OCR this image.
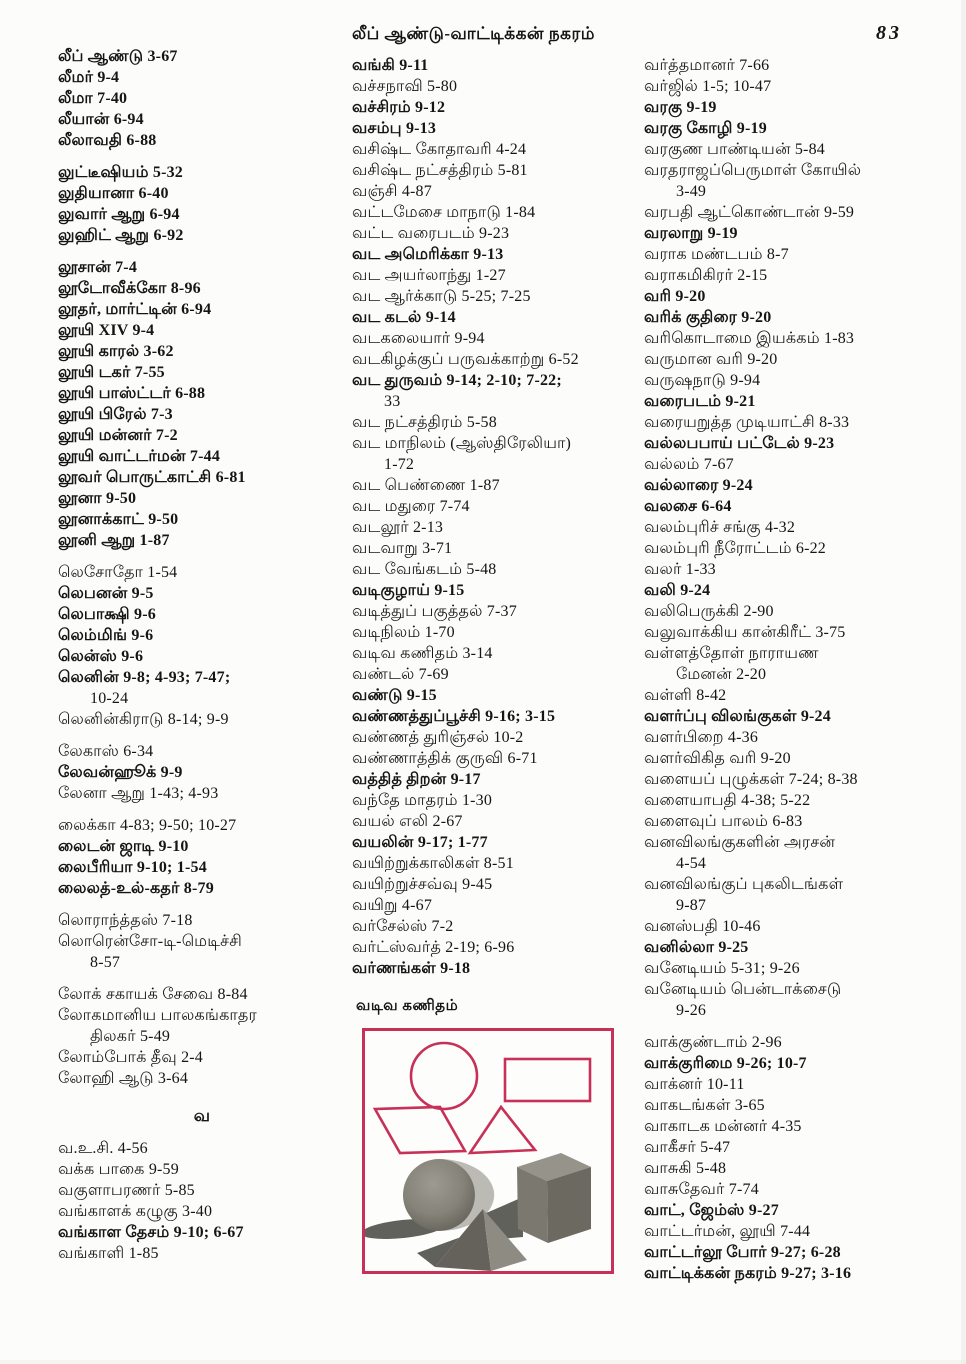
லீப் ஆண்டு-வாட்டிக்கன் நகரம்	83
லீப் ஆண்டு 3-67
லீமர் 9-4
லீமா 7-40
லீயான் 6-94
லீலாவதி 6-88
லுட்டீஷியம் 5-32
லுதியானா 6-40
லுவார் ஆறு 6-94
லுஹிட் ஆறு 6-92
லூசான் 7-4
லூடோவீக்கோ 8-96
லூதர், மார்ட்டின் 6-94
லூயி XIV 9-4
லூயி காரல் 3-62
லூயி டகர் 7-55
லூயி பாஸ்ட்டர் 6-88
லூயி பிரேல் 7-3
லூயி மன்னர் 7-2
லூயி வாட்டர்மன் 7-44
லூவர் பொருட்காட்சி 6-81
லூனா 9-50
லூனாக்காட் 9-50
லூனி ஆறு 1-87
லெசோதோ 1-54
லெபனன் 9-5
லெபாக்ஷி 9-6
லெம்மிங் 9-6
லென்ஸ் 9-6
லெனின் 9-8; 4-93; 7-47;
10-24
லெனின்கிராடு 8-14; 9-9
லேகாஸ் 6-34
லேவன்ஹூக் 9-9
லேனா ஆறு 1-43; 4-93
லைக்கா 4-83; 9-50; 10-27
லைடன் ஜாடி 9-10
லைபீரியா 9-10; 1-54
லைலத்-உல்-கதர் 8-79
லொராந்த்தஸ் 7-18
லொரென்சோ-டி-மெடிச்சி
8-57
லோக் சகாயக் சேவை 8-84
லோகமானிய பாலகங்காதர
திலகர் 5-49
லோம்போக் தீவு 2-4
லோஹி ஆடு 3-64
வ
வ.உ.சி. 4-56
வக்க பாகை 9-59
வகுளாபரணர் 5-85
வங்காளக் கழுகு 3-40
வங்காள தேசம் 9-10; 6-67
வங்காளி 1-85
வங்கி 9-11
வச்சநாவி 5-80
வச்சிரம் 9-12
வசம்பு 9-13
வசிஷ்ட கோதாவரி 4-24
வசிஷ்ட நட்சத்திரம் 5-81
வஞ்சி 4-87
வட்டமேசை மாநாடு 1-84
வட்ட வரைபடம் 9-23
வட அமெரிக்கா 9-13
வட அயர்லாந்து 1-27
வட ஆர்க்காடு 5-25; 7-25
வட கடல் 9-14
வடகலையார் 9-94
வடகிழக்குப் பருவக்காற்று 6-52
வட துருவம் 9-14; 2-10; 7-22;
33
வட நட்சத்திரம் 5-58
வட மாநிலம் (ஆஸ்திரேலியா)
1-72
வட பெண்ணை 1-87
வட மதுரை 7-74
வடலூர் 2-13
வடவாறு 3-71
வட வேங்கடம் 5-48
வடிகுழாய் 9-15
வடித்துப் பகுத்தல் 7-37
வடிநிலம் 1-70
வடிவ கணிதம் 3-14
வண்டல் 7-69
வண்டு 9-15
வண்ணத்துப்பூச்சி 9-16; 3-15
வண்ணத் துரிஞ்சல் 10-2
வண்ணாத்திக் குருவி 6-71
வத்தித் திறன் 9-17
வந்தே மாதரம் 1-30
வயல் எலி 2-67
வயலின் 9-17; 1-77
வயிற்றுக்காலிகள் 8-51
வயிற்றுச்சவ்வு 9-45
வயிறு 4-67
வர்சேல்ஸ் 7-2
வர்ட்ஸ்வர்த் 2-19; 6-96
வர்ணங்கள் 9-18
வர்த்தமானர் 7-66
வர்ஜில் 1-5; 10-47
வரகு 9-19
வரகு கோழி 9-19
வரகுண பாண்டியன் 5-84
வரதராஜப்பெருமாள் கோயில்
3-49
வரபதி ஆட்கொண்டான் 9-59
வரலாறு 9-19
வராக மண்டபம் 8-7
வராகமிகிரர் 2-15
வரி 9-20
வரிக் குதிரை 9-20
வரிகொடாமை இயக்கம் 1-83
வருமான வரி 9-20
வருஷநாடு 9-94
வரைபடம் 9-21
வரையறுத்த முடியாட்சி 8-33
வல்லபபாய் பட்டேல் 9-23
வல்லம் 7-67
வல்லாரை 9-24
வலசை 6-64
வலம்புரிச் சங்கு 4-32
வலம்புரி நீரோட்டம் 6-22
வலர் 1-33
வலி 9-24
வலிபெருக்கி 2-90
வலுவாக்கிய கான்கிரீட் 3-75
வள்ளத்தோள் நாராயண
மேனன் 2-20
வள்ளி 8-42
வளர்ப்பு விலங்குகள் 9-24
வளர்பிறை 4-36
வளர்விகித வரி 9-20
வளையப் புழுக்கள் 7-24; 8-38
வளையாபதி 4-38; 5-22
வளைவுப் பாலம் 6-83
வனவிலங்குகளின் அரசன்
4-54
வனவிலங்குப் புகலிடங்கள்
9-87
வனஸ்பதி 10-46
வனில்லா 9-25
வனேடியம் 5-31; 9-26
வனேடியம் பென்டாக்சைடு
9-26
வாக்குண்டாம் 2-96
வாக்குரிமை 9-26; 10-7
வாக்னர் 10-11
வாகடங்கள் 3-65
வாகாடக மன்னர் 4-35
வாகீசர் 5-47
வாசுகி 5-48
வாசுதேவர் 7-74
வாட், ஜேம்ஸ் 9-27
வாட்டர்மன், லூயி 7-44
வாட்டர்லூ போர் 9-27; 6-28
வாட்டிக்கன் நகரம் 9-27; 3-16
வடிவ கணிதம்
